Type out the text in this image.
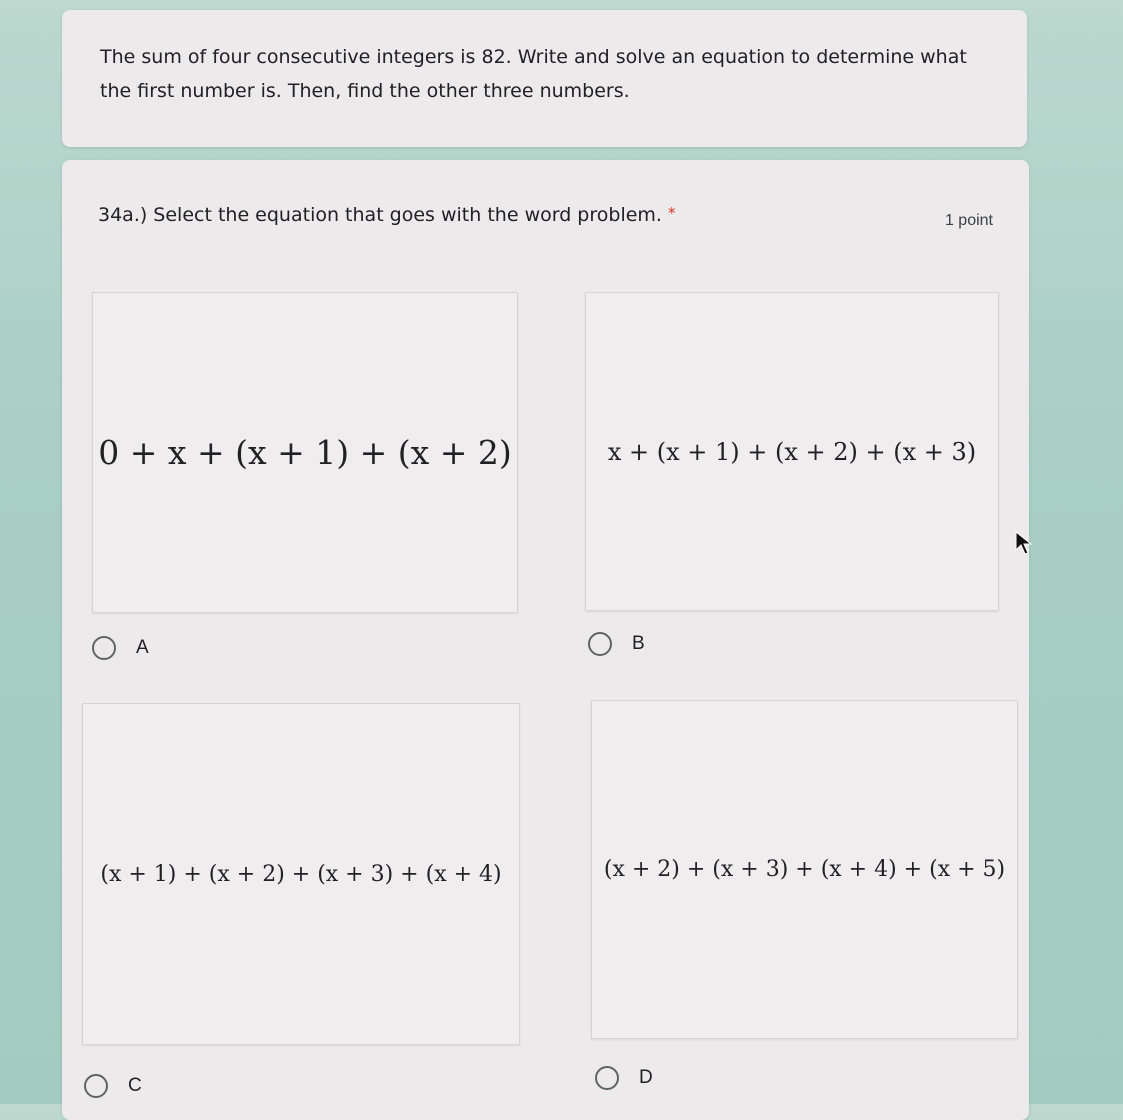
The sum of four consecutive integers is 82. Write and solve an equation to determine what the first number is. Then, find the other three numbers.
34a.) Select the equation that goes with the word problem. *	1 point
0 + x + (x + 1) + (x + 2)
A
x + (x + 1) + (x + 2) + (x + 3)
B
(x + 1) + (x + 2) + (x + 3) + (x + 4)
C
(x + 2) + (x + 3) + (x + 4) + (x + 5)
D
